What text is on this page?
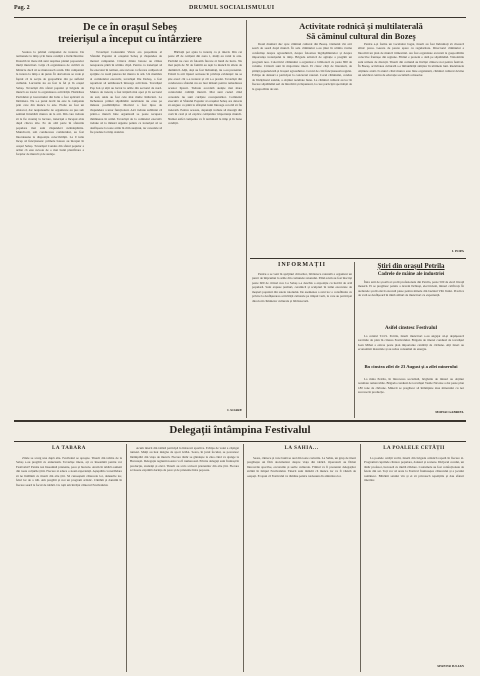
Pag. 2	DRUMUL SOCIALISMULUI
De ce în orașul Sebeș
treierișul a început cu întârziere

Sosirea la primul campaniei de treierat. De termenele la timp și în bune condiții a încărcăturilor. Datorită in mare mă sunt respinse planul popoarelor mulți muncitori. Grija că organizarea de cultivă cu hărnicie dacă să se muncească acum. Din campaniei la treiera la timp a de putut. În dezvoltare se vede și faptul că la secția de gospodărie din pe sufletul cuibului. Lucrurile nu au fost la fel și în orașul Sebeș. Tovarășii din sfatul popular și brigada de muncă au trecut la organizarea activității. Hotărârea Partidului și Guvernului din Iulie a fost aplicată cu întârziere. Nu s-a putut decât nu este la campanie prin care din munca la arie. Ploile au fost un obstacol, dar neajunsurile de organizare au pus sub semnul întrebării munca de la arii. Din care trebuie să le fie avantaj la lucrare, treierișul a început abia după câteva zile. Pe de altă parte în sfaturile populare mai sunt răspunderi neîndeplinite. Muncitorii, sub conducerea comitetului, au fost întotdeauna la dispoziția colectivității. La 9 iulie încep să funcționeze: primele batoze au început în orașul Sebeș. Tovarășul Condes din sfatul popular a arătat că este nevoie de o mai bună planificare a forțelor de muncă și de atelaje.

Tovarășul Constantin Vincu era președinte al Sfatului Popular al orașului Sebeș și răspundea de mersul campaniei. Câteva dintre batoze au rămas nereparate până în ultima clipă. Pentru ca treierișul să fie executat în termen, este nevoie ca fiecare cetățean să sprijine cu toată puterea lui munca la arii. Un membru al comitetului executiv, tovarășul Ilie Doboș, a fost repartizat să urmărească întreaga activitate. Tovarășul Pop Ion și alții au lucrat la ariile din sectorul de nord. Munca de treieriș a fost inițiată mai apoi și în sectorul de sud, unde au fost cele mai multe întârzieri. La încheierea primei săptămâni rezultatele nu erau pe măsura posibilităților. Motivul a fost lipsa de răspundere a unor funcționari. Aici trebuie subliniat că printr-o muncă bine organizată se poate recupera rămânerea în urmă. Tovarășii de la comitetul executiv trebuie să ia măsuri urgente pentru ca treierișul să se desfășoare la toate ariile în ritm susținut, iar cerealele să fie predate la timp statului.

Bărbații pot ajuta la treieriș ca și tinerii. Din cei peste 28 de cetățeni din zona 1, mulți au venit la arie. Partidul ne cere să folosim fiecare zi bună de lucru. Nu mai puțin de 50 de familii au ieșit la muncă în zilele de duminică. Alții, deși au fost îndrumați, nu s-au prezentat. Există la arii lipsuri serioase în privința evidenței: nu se știe exact cât s-a treierat și cât s-a predat. Tovarășii din conducerea sfatului nu au luat măsuri pentru remedierea acestor lipsuri. Trebuie acordată atenție mai mare controlului calității muncii. Mai sunt cazuri când cerealele nu sunt curățate corespunzător. Comitetul executiv al Sfatului Popular al orașului Sebeș are datoria să asigure ca până la sfârșitul lunii întreaga recoltă să fie treierată. Pentru aceasta, deputații trebuie să meargă din casă în casă și să explice cetățenilor importanța muncii. Numai astfel campania va fi terminată la timp și în bune condiții.

I. SOARE
Activitate rodnică și multilaterală
Să căminul cultural din Bozeș

Două drumuri duc spre căminul cultural din Bozeș. Oamenii vin aici seară de seară după muncă. În sala căminului s-au ținut în ultima vreme conferințe despre agrotehnică, despre folosirea îngrășămintelor și despre importanța treierișului la timp. Brigada artistică de agitație a pregătit un program nou. Colectivul căminului a organizat o bibliotecă cu peste 800 de volume. Cititorii sunt în majoritate tineri. Ei citesc cărți de literatură, de știință popularizată și broșuri agrotehnice. Cercul de citit funcționează regulat. Echipa de dansuri a participat la concursul raional. Corul căminului, condus de învățătorul satului, a obținut rezultate bune. La căminul cultural au loc în fiecare săptămână seri de întrebări și răspunsuri, la care participă specialiști de la gospodăria de stat.

Pentru a-și forma un vocabular bogat, tinerii au fost îndrumați să citească zilnic presa. Gazeta de perete apare cu regularitate. Directorul căminului a întocmit un plan de muncă trimestrial. Au fost organizate excursii la gospodăriile colective fruntașe din regiune. Filmul e prezent o dată pe săptămână. Vizionările sunt urmate de discuții. Tinerii din comună au învățat cântece noi pentru festival. În Bozeș, activitatea culturală s-a îmbunătățit simțitor în ultimele luni. Rezultatele obținute arată că atunci când munca este bine organizată, căminul cultural devine un adevărat centru de educație socialistă a maselor.

I. POPA
INFORMAȚII

Pentru a se veni în sprijinul cititorilor, biblioteca raională a organizat un punct de împrumut la ariile din comunele raionului. Până acum au fost înscriși peste 600 de cititori noi. La Sebeș s-a deschis o expoziție cu lucrări de artă populară. Sunt expuse țesături, ceramică și sculpturi în lemn executate de meșteri populari din satele raionului. De asemenea a avut loc o consfătuire cu privire la desfășurarea activității culturale pe timpul verii, la care au participat directorii căminelor culturale și bibliotecarii.

Știri din orașul Petrila
Cadrele de mâine ale industriei

Între anii de școală ai școlii profesionale din Petrila, peste 500 de elevi învață meserii. Ei se pregătesc pentru a deveni lăcătuși, electricieni, mineri calificați. În atelierele școlii elevii execută piese pentru minele din bazinul Văii Jiului. Practica de vară se desfășoară în mină alături de muncitori cu experiență.

Asifel cinstesc Festivalul

La centrul T.O.S. Petrila, tinerii muncitori s-au angajat să-și depășească sarcinile de plan în cinstea Festivalului. Brigada de tineret condusă de tovarășul Ioan Mihai a extras peste plan importante cantități de cărbune. Alți tineri au economisit materiale și au redus consumul de energie.

Bn cinstea zilei de 23 August și a zilei minerului

La mina Petrila, în întrecerea socialistă, brigăzile de mineri au obținut rezultate remarcabile. Brigada condusă de tovarășul Vasile Nicolae a dat peste plan 180 tone de cărbune. Minerii se pregătesc să întâmpine ziua minerului cu noi succese în producție.

MOHAI GABRIEL
Delegații întâmpina Festivalul
LA TABARA

Zilele se scurg una după alta. Festivalul se apropie. Tinerii din tabăra de la Sebeș s-au pregătit cu entuziasm. Tovarășe tinere, ați ce înseamnă pentru voi Festivalul? Pentru noi înseamnă prietenie, pace și bucurie. Avem în tabără oameni din toate colțurile țării. Fiecare zi aduce o nouă experiență. Așteptăm cu nerăbdare să ne întâlnim cu tinerii din alte țări. Să cunoaștem cântecele lor, dansurile lor, felul lor de a trăi. Am pregătit și noi un program artistic. Cântăm și dansăm în fiecare seară la focul de tabără. Cu toții am învățat cântecul Festivalului.

Acum tinerii din tabără participă la întreceri sportive. Echipa de volei a câștigat turneul. Mulți au luat insigna de sport GMA. Seara, în jurul focului, se povestesc întâmplări din viața de muncă. Fiecare tânăr se gândește la ziua când va ajunge la București. Delegația regiunii noastre va fi numeroasă. Printre delegați sunt fruntași în producție, studenți și elevi. Tinerii au scris scrisori prietenilor din alte țări. Fiecare scrisoare exprimă dorința de pace și de prietenie între popoare.

LA SAHIA...

Seara, cântece și voie bună se aud din toate corturile. La Sahia, un grup de tineri pregătește un film documentar despre viața din tabără. Operatorii au filmat întrecerile sportive, excursiile și serile culturale. Filmul va fi prezentat delegaților străini în timpul Festivalului. Tinerii sunt mândri că munca lor va fi văzută de oaspeți. Ei spun că Festivalul va rămâne pentru totdeauna în amintirea lor.

LA POALELE CETĂȚII

La poalele cetății vechi, tinerii din brigada artistică repetă în fiecare zi. Programul cuprinde cântece populare, dansuri și scenete. Dirijorul corului, un tânăr profesor, lucrează cu multă răbdare. Costumele au fost confecționate de fetele din sat. Toți vor să arate la Festival frumusețea cântecului și a jocului românesc. Bătrânii satului vin și ei să privească repetițiile și dau sfaturi tinerilor.

SERVER IULIAN
